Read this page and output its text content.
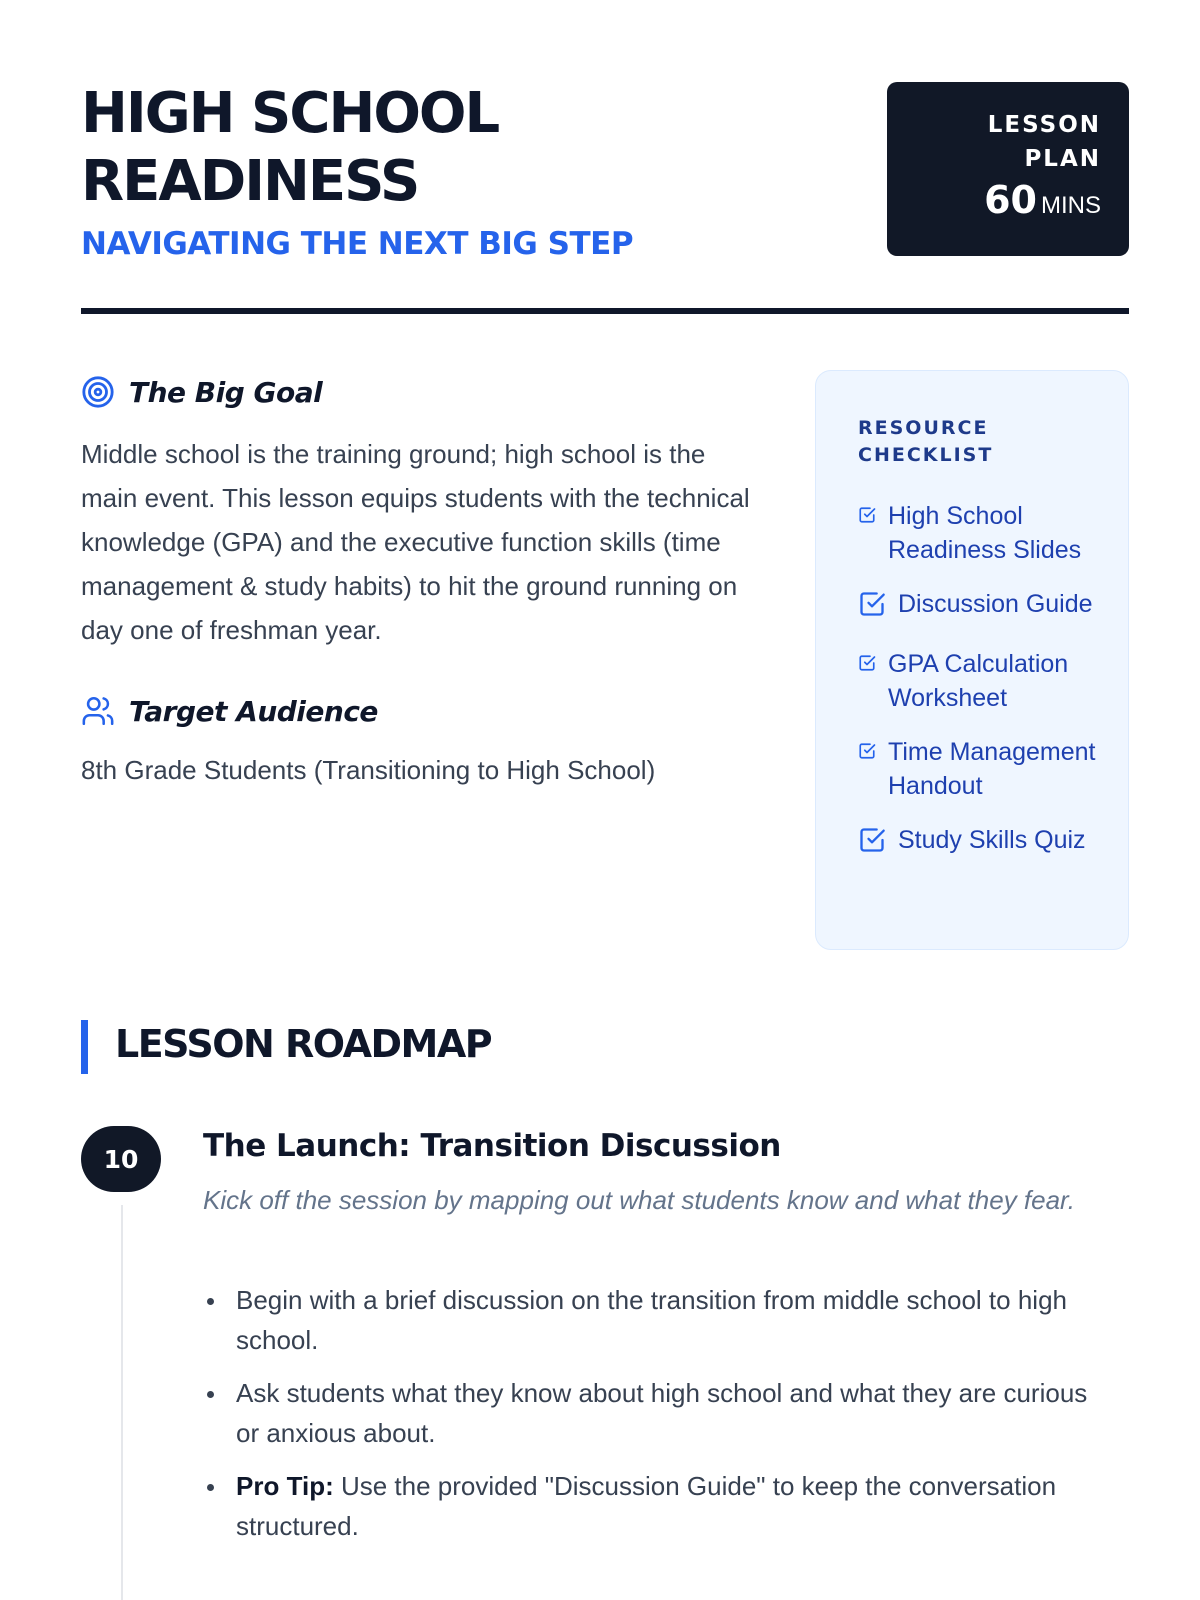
HIGH SCHOOL READINESS
NAVIGATING THE NEXT BIG STEP
LESSON PLAN
60 MINS
The Big Goal

Middle school is the training ground; high school is the main event. This lesson equips students with the technical knowledge (GPA) and the executive function skills (time management & study habits) to hit the ground running on day one of freshman year.

Target Audience

8th Grade Students (Transitioning to High School)

RESOURCE CHECKLIST
High School Readiness Slides
Discussion Guide
GPA Calculation Worksheet
Time Management Handout
Study Skills Quiz
LESSON ROADMAP
10	The Launch: Transition Discussion

Kick off the session by mapping out what students know and what they fear.

Begin with a brief discussion on the transition from middle school to high school.
Ask students what they know about high school and what they are curious or anxious about.
Pro Tip: Use the provided "Discussion Guide" to keep the conversation structured.
